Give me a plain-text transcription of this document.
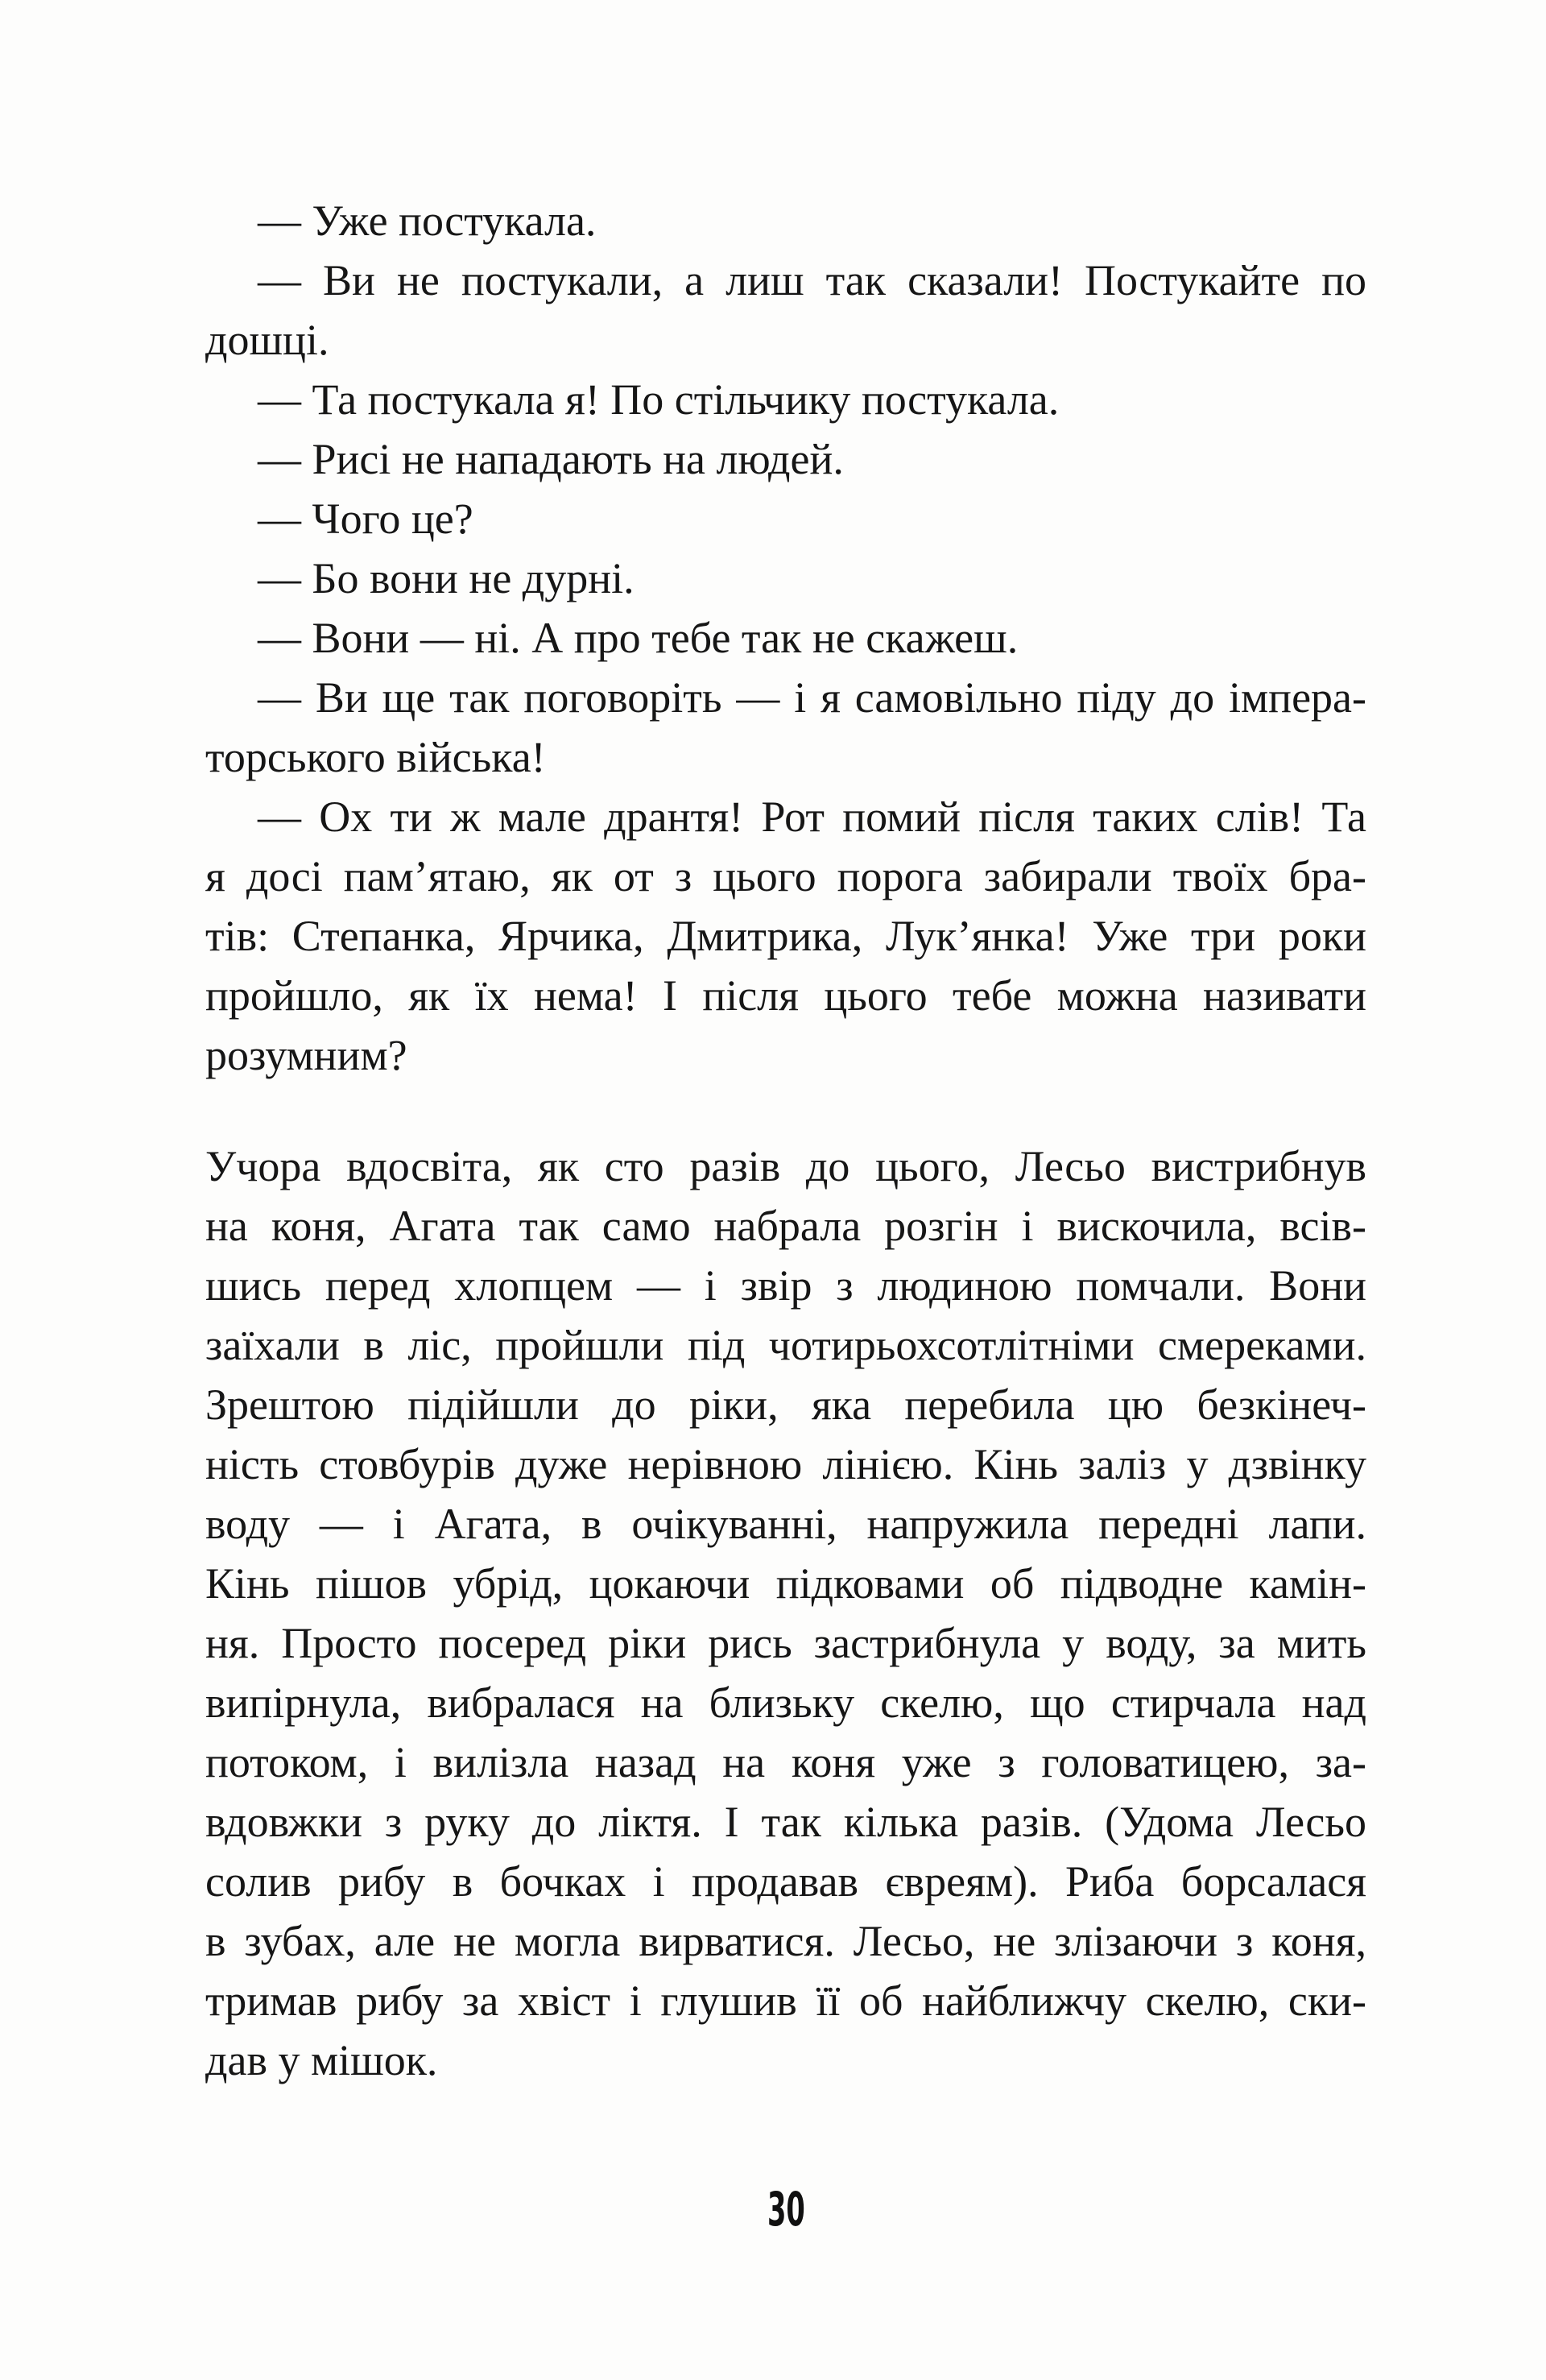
— Уже постукала.
— Ви не постукали, а лиш так сказали! Постукайте по
дошці.
— Та постукала я! По стільчику постукала.
— Рисі не нападають на людей.
— Чого це?
— Бо вони не дурні.
— Вони — ні. А про тебе так не скажеш.
— Ви ще так поговоріть — і я самовільно піду до імпера-
торського війська!
— Ох ти ж мале дрантя! Рот помий після таких слів! Та
я досі пам’ятаю, як от з цього порога забирали твоїх бра-
тів: Степанка, Ярчика, Дмитрика, Лук’янка! Уже три роки
пройшло, як їх нема! І після цього тебе можна називати
розумним?
Учора вдосвіта, як сто разів до цього, Лесьо вистрибнув
на коня, Агата так само набрала розгін і вискочила, всів-
шись перед хлопцем — і звір з людиною помчали. Вони
заїхали в ліс, пройшли під чотирьохсотлітніми смереками.
Зрештою підійшли до ріки, яка перебила цю безкінеч-
ність стовбурів дуже нерівною лінією. Кінь заліз у дзвінку
воду — і Агата, в очікуванні, напружила передні лапи.
Кінь пішов убрід, цокаючи підковами об підводне камін-
ня. Просто посеред ріки рись застрибнула у воду, за мить
випірнула, вибралася на близьку скелю, що стирчала над
потоком, і вилізла назад на коня уже з головатицею, за-
вдовжки з руку до ліктя. І так кілька разів. (Удома Лесьо
солив рибу в бочках і продавав євреям). Риба борсалася
в зубах, але не могла вирватися. Лесьо, не злізаючи з коня,
тримав рибу за хвіст і глушив її об найближчу скелю, ски-
дав у мішок.
30
